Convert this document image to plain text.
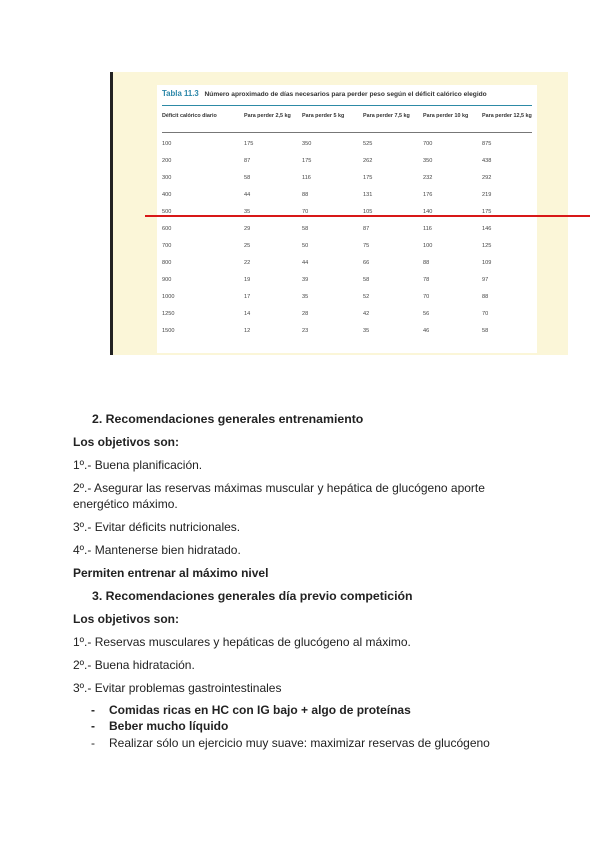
Tabla 11.3 Número aproximado de días necesarios para perder peso según el déficit calórico elegido
Déficit calórico diario	Para perder 2,5 kg	Para perder 5 kg	Para perder 7,5 kg	Para perder 10 kg	Para perder 12,5 kg
100	175	350	525	700	875
200	87	175	262	350	438
300	58	116	175	232	292
400	44	88	131	176	219
500	35	70	105	140	175
600	29	58	87	116	146
700	25	50	75	100	125
800	22	44	66	88	109
900	19	39	58	78	97
1000	17	35	52	70	88
1250	14	28	42	56	70
1500	12	23	35	46	58
2. Recomendaciones generales entrenamiento
Los objetivos son:
1º.- Buena planificación.
2º.- Asegurar las reservas máximas muscular y hepática de glucógeno aporte
energético máximo.
3º.- Evitar déficits nutricionales.
4º.- Mantenerse bien hidratado.
Permiten entrenar al máximo nivel
3. Recomendaciones generales día previo competición
Los objetivos son:
1º.- Reservas musculares y hepáticas de glucógeno al máximo.
2º.- Buena hidratación.
3º.- Evitar problemas gastrointestinales
- Comidas ricas en HC con IG bajo + algo de proteínas
- Beber mucho líquido
- Realizar sólo un ejercicio muy suave: maximizar reservas de glucógeno
